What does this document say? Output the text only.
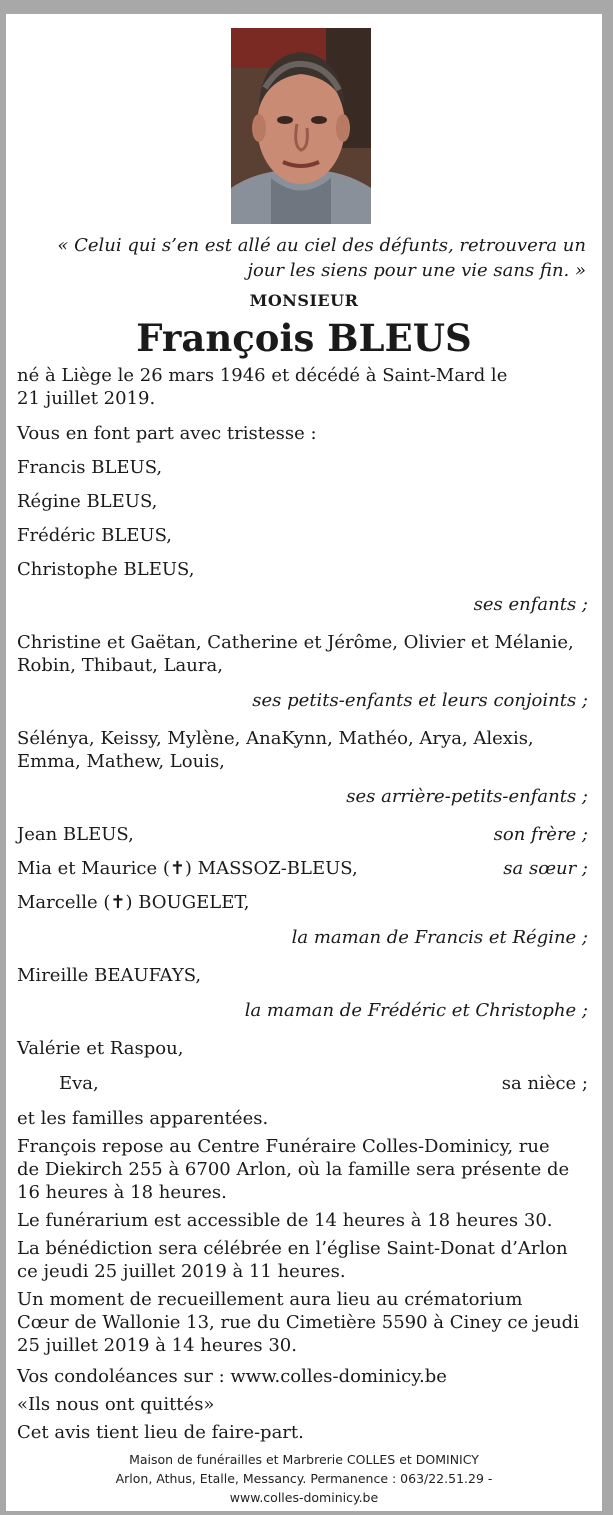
« Celui qui s’en est allé au ciel des défunts, retrouvera un
jour les siens pour une vie sans fin. »
MONSIEUR
François BLEUS
né à Liège le 26 mars 1946 et décédé à Saint-Mard le
21 juillet 2019.
Vous en font part avec tristesse :
Francis BLEUS,
Régine BLEUS,
Frédéric BLEUS,
Christophe BLEUS,
ses enfants ;
Christine et Gaëtan, Catherine et Jérôme, Olivier et Mélanie,
Robin, Thibaut, Laura,
ses petits-enfants et leurs conjoints ;
Sélénya, Keissy, Mylène, AnaKynn, Mathéo, Arya, Alexis,
Emma, Mathew, Louis,
ses arrière-petits-enfants ;
Jean BLEUS,	son frère ;
Mia et Maurice (✝) MASSOZ-BLEUS,	sa sœur ;
Marcelle (✝) BOUGELET,
la maman de Francis et Régine ;
Mireille BEAUFAYS,
la maman de Frédéric et Christophe ;
Valérie et Raspou,
Eva,	sa nièce ;
et les familles apparentées.
François repose au Centre Funéraire Colles-Dominicy, rue
de Diekirch 255 à 6700 Arlon, où la famille sera présente de
16 heures à 18 heures.
Le funérarium est accessible de 14 heures à 18 heures 30.
La bénédiction sera célébrée en l’église Saint-Donat d’Arlon
ce jeudi 25 juillet 2019 à 11 heures.
Un moment de recueillement aura lieu au crématorium
Cœur de Wallonie 13, rue du Cimetière 5590 à Ciney ce jeudi
25 juillet 2019 à 14 heures 30.
Vos condoléances sur : www.colles-dominicy.be
«Ils nous ont quittés»
Cet avis tient lieu de faire-part.
Maison de funérailles et Marbrerie COLLES et DOMINICY
Arlon, Athus, Etalle, Messancy. Permanence : 063/22.51.29 -
www.colles-dominicy.be
